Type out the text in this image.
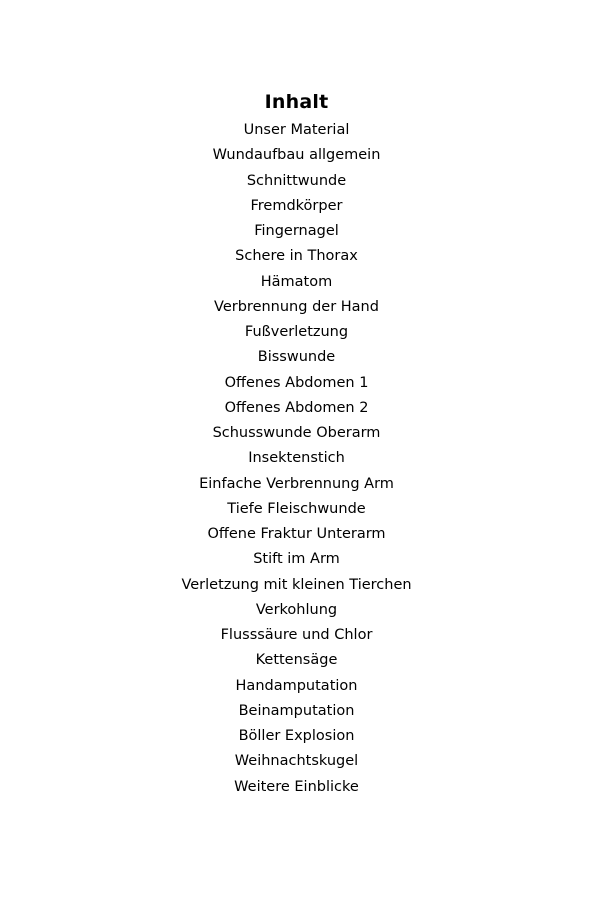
Inhalt
Unser Material
Wundaufbau allgemein
Schnittwunde
Fremdkörper
Fingernagel
Schere in Thorax
Hämatom
Verbrennung der Hand
Fußverletzung
Bisswunde
Offenes Abdomen 1
Offenes Abdomen 2
Schusswunde Oberarm
Insektenstich
Einfache Verbrennung Arm
Tiefe Fleischwunde
Offene Fraktur Unterarm
Stift im Arm
Verletzung mit kleinen Tierchen
Verkohlung
Flusssäure und Chlor
Kettensäge
Handamputation
Beinamputation
Böller Explosion
Weihnachtskugel
Weitere Einblicke
